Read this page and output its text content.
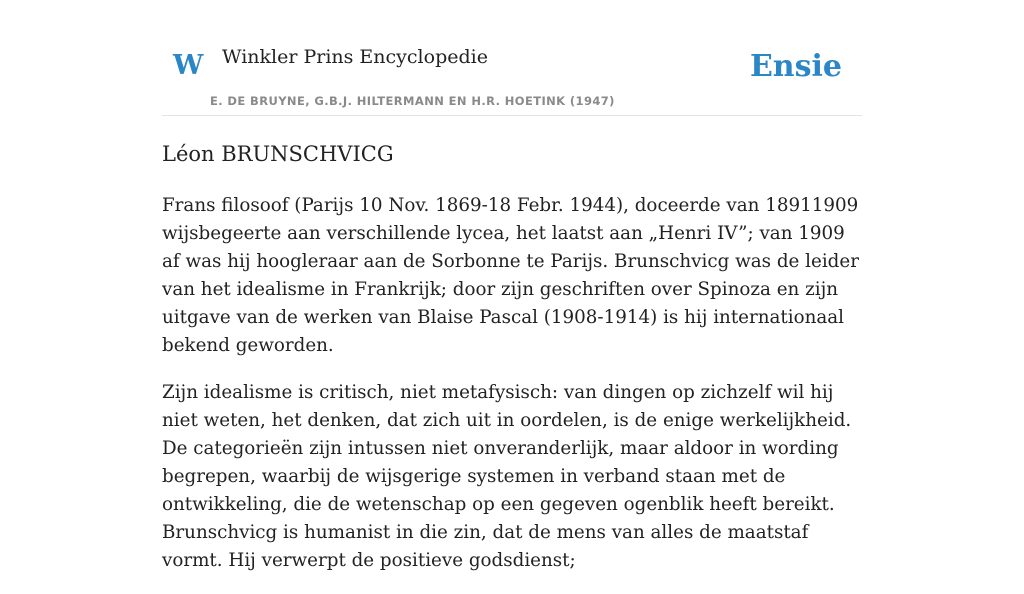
W Winkler Prins Encyclopedie
E. DE BRUYNE, G.B.J. HILTERMANN EN H.R. HOETINK (1947)
Ensie
Léon BRUNSCHVICG

Frans filosoof (Parijs 10 Nov. 1869-18 Febr. 1944), doceerde van 18911909 wijsbegeerte aan verschillende lycea, het laatst aan „Henri IV”; van 1909 af was hij hoogleraar aan de Sorbonne te Parijs. Brunschvicg was de leider van het idealisme in Frankrijk; door zijn geschriften over Spinoza en zijn uitgave van de werken van Blaise Pascal (1908-1914) is hij internationaal bekend geworden.

Zijn idealisme is critisch, niet metafysisch: van dingen op zichzelf wil hij niet weten, het denken, dat zich uit in oordelen, is de enige werkelijkheid. De categorieën zijn intussen niet onveranderlijk, maar aldoor in wording begrepen, waarbij de wijsgerige systemen in verband staan met de ontwikkeling, die de wetenschap op een gegeven ogenblik heeft bereikt. Brunschvicg is humanist in die zin, dat de mens van alles de maatstaf vormt. Hij verwerpt de positieve godsdienst;
